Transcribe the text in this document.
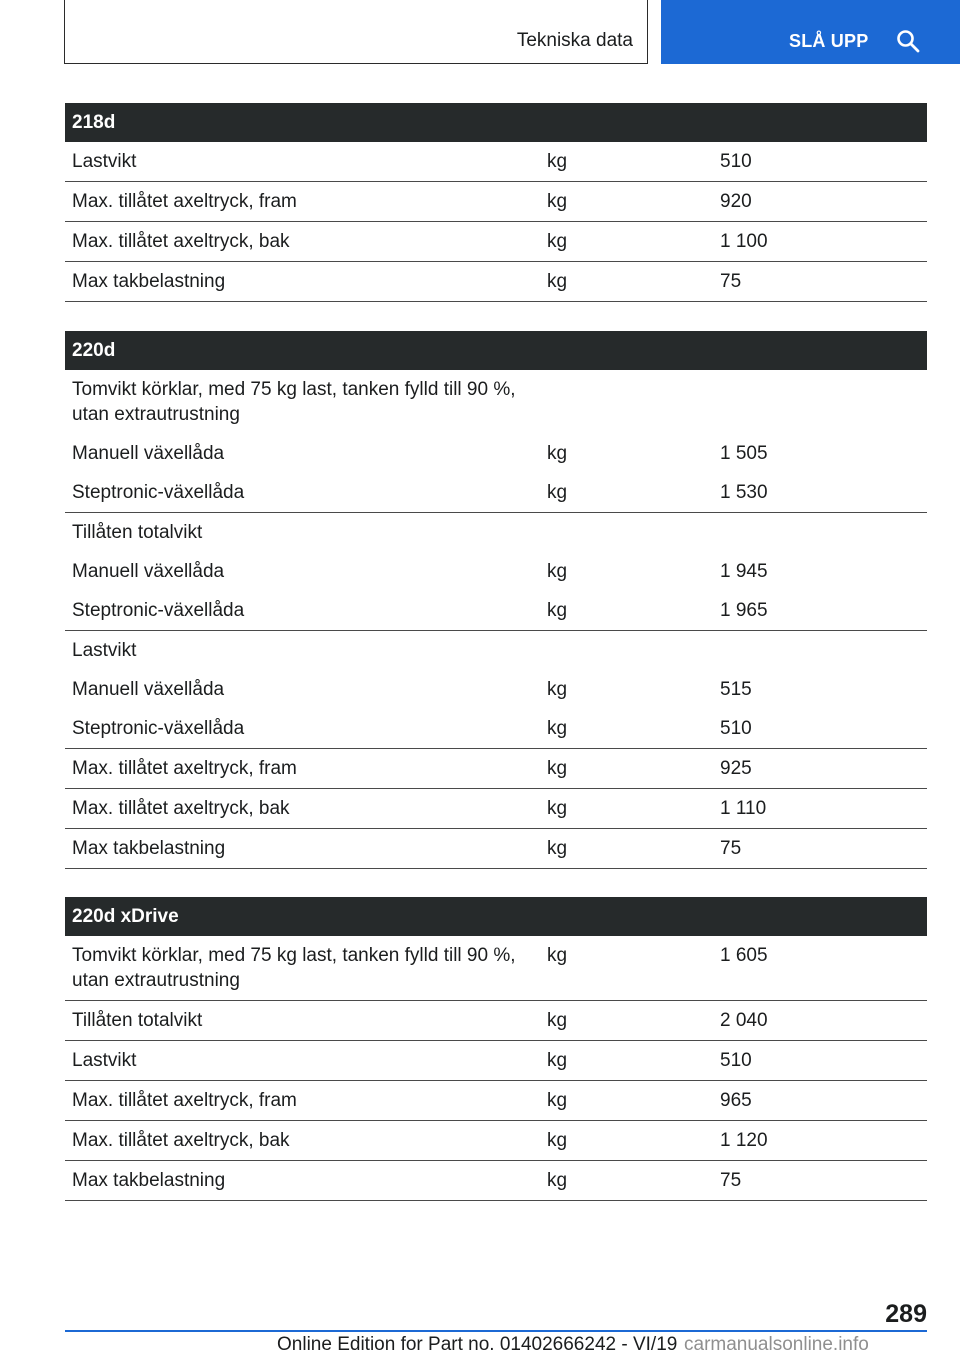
Tekniska data	SLÅ UPP
218d		
Lastvikt	kg	510
Max. tillåtet axeltryck, fram	kg	920
Max. tillåtet axeltryck, bak	kg	1 100
Max takbelastning	kg	75
220d		
Tomvikt körklar, med 75 kg last, tanken fylld till 90 %, utan extrautrustning		
Manuell växellåda	kg	1 505
Steptronic-växellåda	kg	1 530
Tillåten totalvikt		
Manuell växellåda	kg	1 945
Steptronic-växellåda	kg	1 965
Lastvikt		
Manuell växellåda	kg	515
Steptronic-växellåda	kg	510
Max. tillåtet axeltryck, fram	kg	925
Max. tillåtet axeltryck, bak	kg	1 110
Max takbelastning	kg	75
220d xDrive		
Tomvikt körklar, med 75 kg last, tanken fylld till 90 %, utan extrautrustning	kg	1 605
Tillåten totalvikt	kg	2 040
Lastvikt	kg	510
Max. tillåtet axeltryck, fram	kg	965
Max. tillåtet axeltryck, bak	kg	1 120
Max takbelastning	kg	75
289
Online Edition for Part no. 01402666242 - VI/19 carmanualsonline.info
